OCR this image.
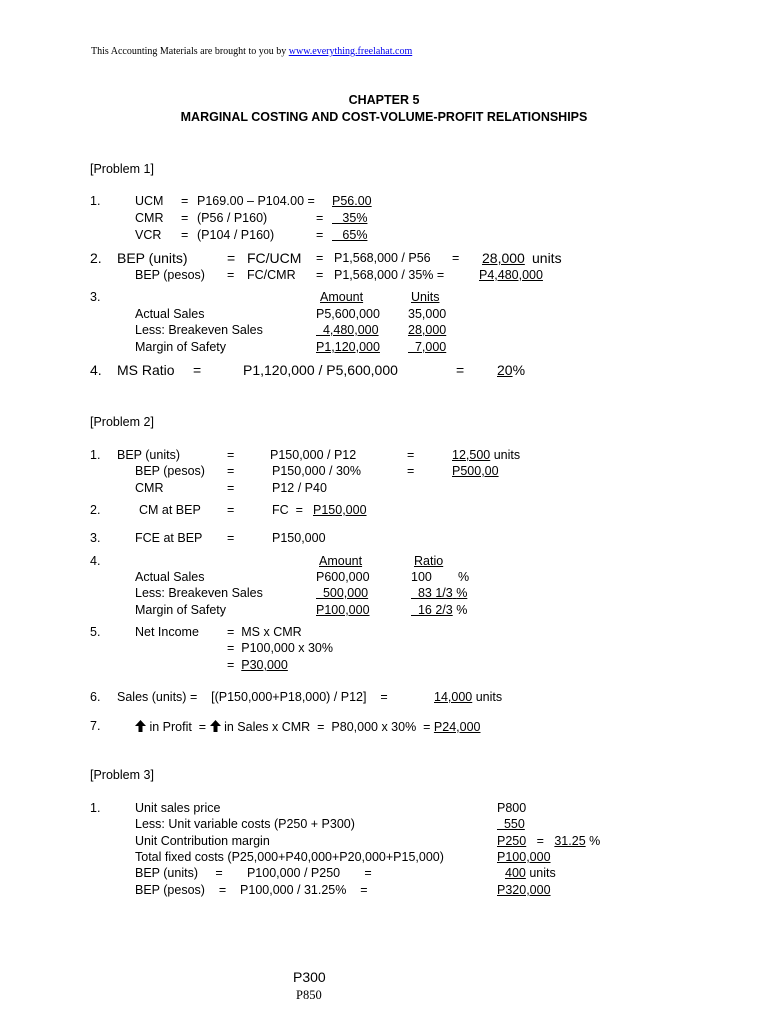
This Accounting Materials are brought to you by www.everything.freelahat.com
CHAPTER 5
MARGINAL COSTING AND COST-VOLUME-PROFIT RELATIONSHIPS
[Problem 1]
1.	UCM = P169.00 – P104.00 = P56.00
CMR = (P56 / P160)	= 35%
VCR = (P104 / P160)	= 65%
2. BEP (units)	= FC/UCM = P1,568,000 / P56 = 28,000 units
BEP (pesos) = FC/CMR = P1,568,000 / 35% =	P4,480,000
3.	Amount	Units
Actual Sales	P5,600,000 35,000
Less: Breakeven Sales	4,480,000 28,000
Margin of Safety	P1,120,000 7,000
4. MS Ratio =	P1,120,000 / P5,600,000	= 20%
[Problem 2]
1. BEP (units)	=	P150,000 / P12	=	12,500 units
BEP (pesos) =	P150,000 / 30%	=	P500,00
CMR	=	P12 / P40
2.	CM at BEP =	FC  = P150,000
3.	FCE at BEP =	P150,000
4.	Amount	Ratio
Actual Sales	P600,000	100 %
Less: Breakeven Sales	500,000	83 1/3 %
Margin of Safety	P100,000	16 2/3 %
5.	Net Income =  MS x CMR
=  P100,000 x 30%
= P30,000
6. Sales (units) =    [(P150,000+P18,000) / P12]    =	14,000 units
7.	in Profit  = in Sales x CMR  =  P80,000 x 30%  = P24,000
[Problem 3]
1.	Unit sales price	P800
Less: Unit variable costs (P250 + P300)	550
Unit Contribution margin	P250 = 31.25 %
Total fixed costs (P25,000+P40,000+P20,000+P15,000)	P100,000
BEP (units)     =       P100,000 / P250       =	400 units
BEP (pesos)    =    P100,000 / 31.25%    =	P320,000
P300
P850
